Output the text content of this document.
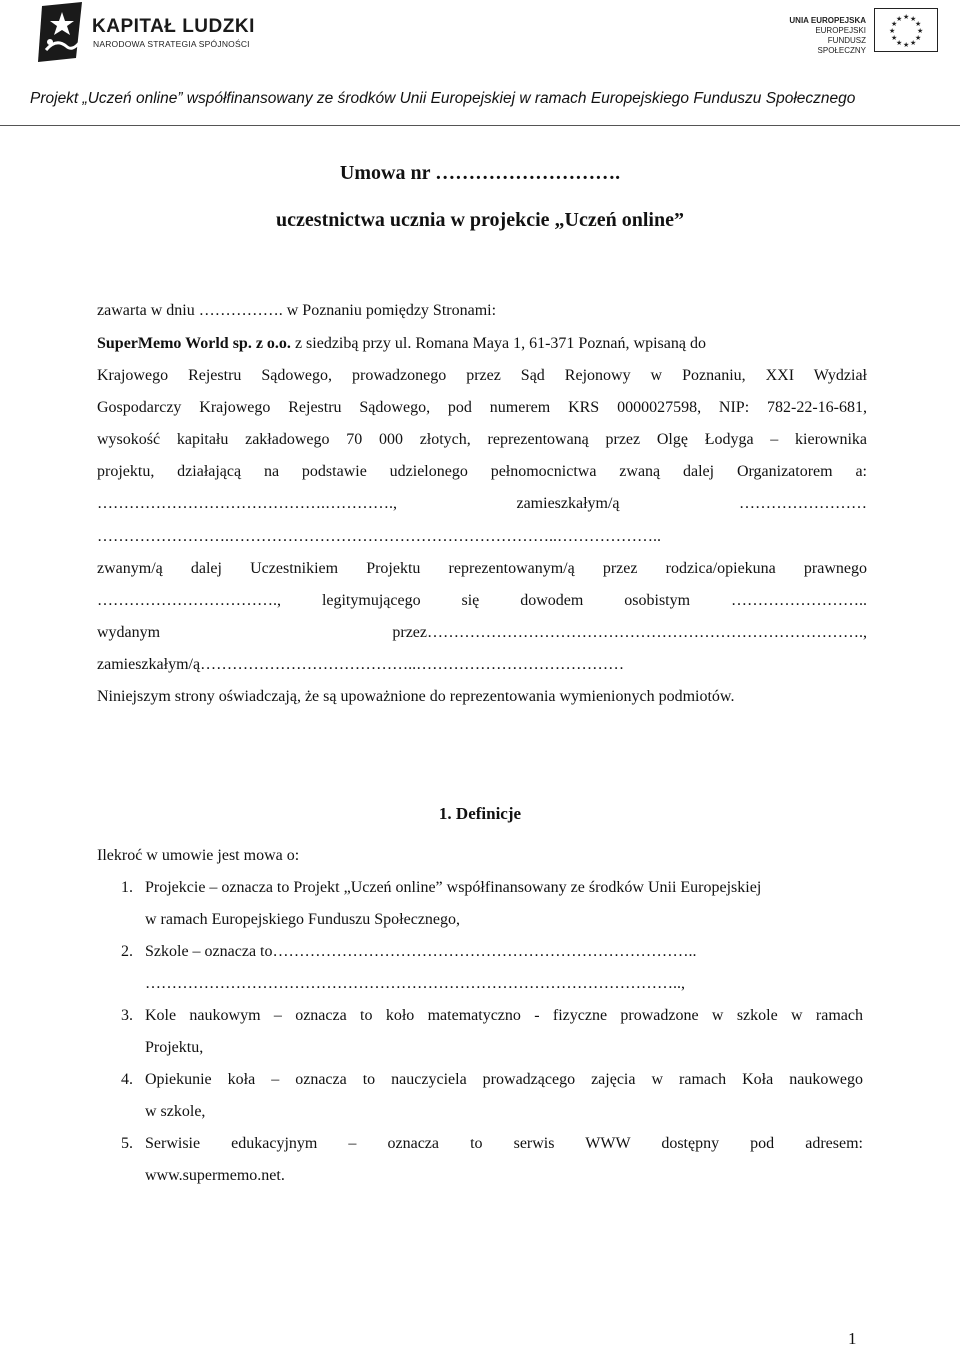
KAPITAŁ LUDZKI
NARODOWA STRATEGIA SPÓJNOŚCI
UNIA EUROPEJSKA
EUROPEJSKI
FUNDUSZ SPOŁECZNY
★ ★
★
★
★
★
★
★
★
★
★
★
Projekt „Uczeń online” współfinansowany ze środków Unii Europejskiej w ramach Europejskiego Funduszu Społecznego
Umowa nr ……………………….
uczestnictwa ucznia w projekcie „Uczeń online”
zawarta w dniu ……………. w Poznaniu pomiędzy Stronami:
SuperMemo World sp. z o.o. z siedzibą przy ul. Romana Maya 1, 61-371 Poznań, wpisaną do
Krajowego Rejestru Sądowego, prowadzonego przez Sąd Rejonowy w Poznaniu, XXI Wydział
Gospodarczy Krajowego Rejestru Sądowego, pod numerem KRS 0000027598, NIP: 782-22-16-681,
wysokość kapitału zakładowego 70 000 złotych, reprezentowaną przez Olgę Łodyga – kierownika
projektu, działającą na podstawie udzielonego pełnomocnictwa zwaną dalej Organizatorem a:
…………………………………….…………., zamieszkałym/ą ……………………
…………………….……………………………………………………..………………..
zwanym/ą dalej Uczestnikiem Projektu reprezentowanym/ą przez rodzica/opiekuna prawnego
……………………………., legitymującego się dowodem osobistym ……………………..
wydanym przez……………………………………………………………………….,
zamieszkałym/ą…………………………………..…………………………………
Niniejszym strony oświadczają, że są upoważnione do reprezentowania wymienionych podmiotów.
1. Definicje
Ilekroć w umowie jest mowa o:
1. Projekcie – oznacza to Projekt „Uczeń online” współfinansowany ze środków Unii Europejskiej
w ramach Europejskiego Funduszu Społecznego,
2. Szkole – oznacza to……………………………………………………………………..
………………………………………………………………………………………..,
3. Kole naukowym – oznacza to koło matematyczno - fizyczne prowadzone w szkole w ramach
Projektu,
4. Opiekunie koła – oznacza to nauczyciela prowadzącego zajęcia w ramach Koła naukowego
w szkole,
5. Serwisie edukacyjnym – oznacza to serwis WWW dostępny pod adresem:
www.supermemo.net.
1
